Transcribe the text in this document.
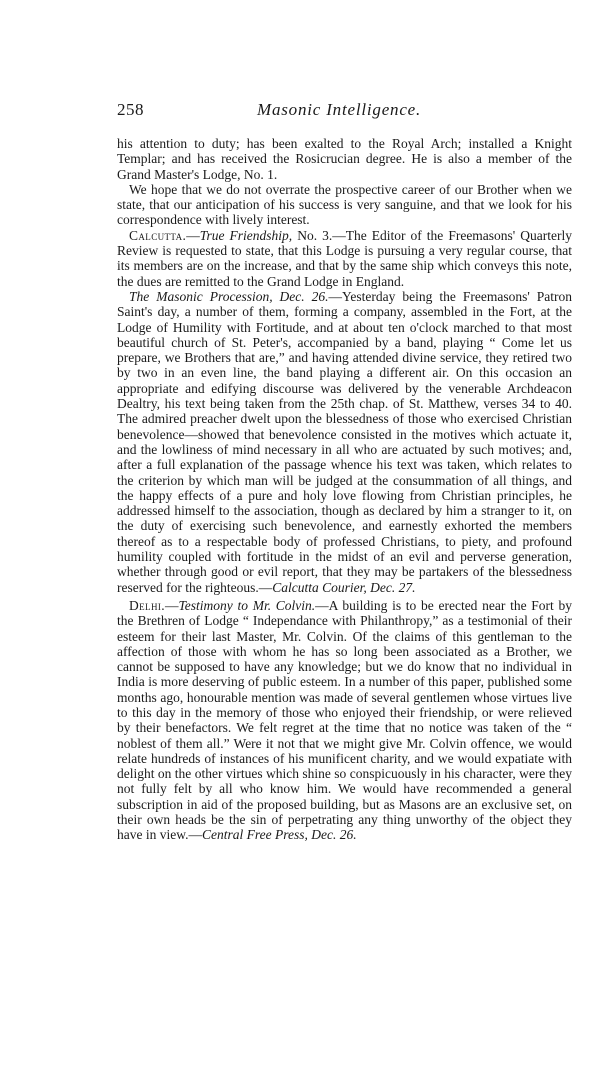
258	Masonic Intelligence.

his attention to duty; has been exalted to the Royal Arch; installed a Knight Templar; and has received the Rosicrucian degree. He is also a member of the Grand Master's Lodge, No. 1.

We hope that we do not overrate the prospective career of our Brother when we state, that our anticipation of his success is very sanguine, and that we look for his correspondence with lively interest.

Calcutta.—True Friendship, No. 3.—The Editor of the Freemasons' Quarterly Review is requested to state, that this Lodge is pursuing a very regular course, that its members are on the increase, and that by the same ship which conveys this note, the dues are remitted to the Grand Lodge in England.

The Masonic Procession, Dec. 26.—Yesterday being the Freemasons' Patron Saint's day, a number of them, forming a company, assembled in the Fort, at the Lodge of Humility with Fortitude, and at about ten o'clock marched to that most beautiful church of St. Peter's, accompanied by a band, playing “ Come let us prepare, we Brothers that are,” and having attended divine service, they retired two by two in an even line, the band playing a different air. On this occasion an appropriate and edifying discourse was delivered by the venerable Archdeacon Dealtry, his text being taken from the 25th chap. of St. Matthew, verses 34 to 40. The admired preacher dwelt upon the blessedness of those who exercised Christian benevolence—showed that benevolence consisted in the motives which actuate it, and the lowliness of mind necessary in all who are actuated by such motives; and, after a full explanation of the passage whence his text was taken, which relates to the criterion by which man will be judged at the consummation of all things, and the happy effects of a pure and holy love flowing from Christian principles, he addressed himself to the association, though as declared by him a stranger to it, on the duty of exercising such benevolence, and earnestly exhorted the members thereof as to a respectable body of professed Christians, to piety, and profound humility coupled with fortitude in the midst of an evil and perverse generation, whether through good or evil report, that they may be partakers of the blessedness reserved for the righteous.—Calcutta Courier, Dec. 27.

Delhi.—Testimony to Mr. Colvin.—A building is to be erected near the Fort by the Brethren of Lodge “ Independance with Philanthropy,” as a testimonial of their esteem for their last Master, Mr. Colvin. Of the claims of this gentleman to the affection of those with whom he has so long been associated as a Brother, we cannot be supposed to have any knowledge; but we do know that no individual in India is more deserving of public esteem. In a number of this paper, published some months ago, honourable mention was made of several gentlemen whose virtues live to this day in the memory of those who enjoyed their friendship, or were relieved by their benefactors. We felt regret at the time that no notice was taken of the “ noblest of them all.” Were it not that we might give Mr. Colvin offence, we would relate hundreds of instances of his munificent charity, and we would expatiate with delight on the other virtues which shine so conspicuously in his character, were they not fully felt by all who know him. We would have recommended a general subscription in aid of the proposed building, but as Masons are an exclusive set, on their own heads be the sin of perpetrating any thing unworthy of the object they have in view.—Central Free Press, Dec. 26.
